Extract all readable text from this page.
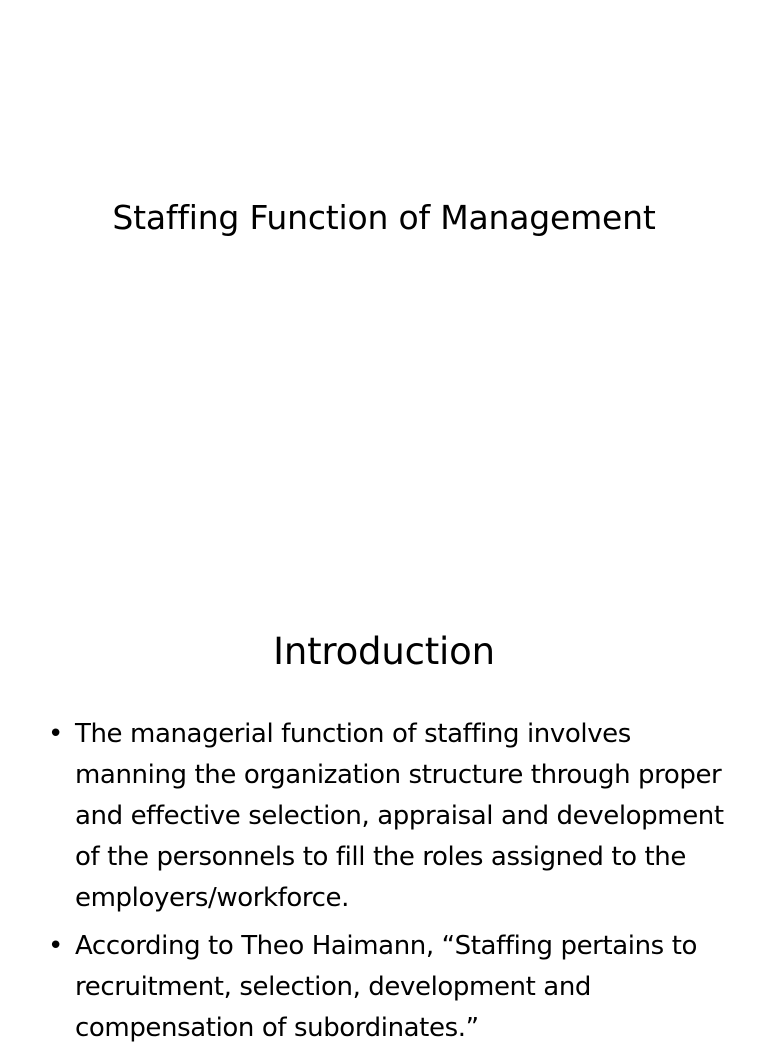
Staffing Function of Management
Introduction
• The managerial function of staffing involves manning the organization structure through proper and effective selection, appraisal and development of the personnels to fill the roles assigned to the employers/workforce.
• According to Theo Haimann, “Staffing pertains to recruitment, selection, development and compensation of subordinates.”
